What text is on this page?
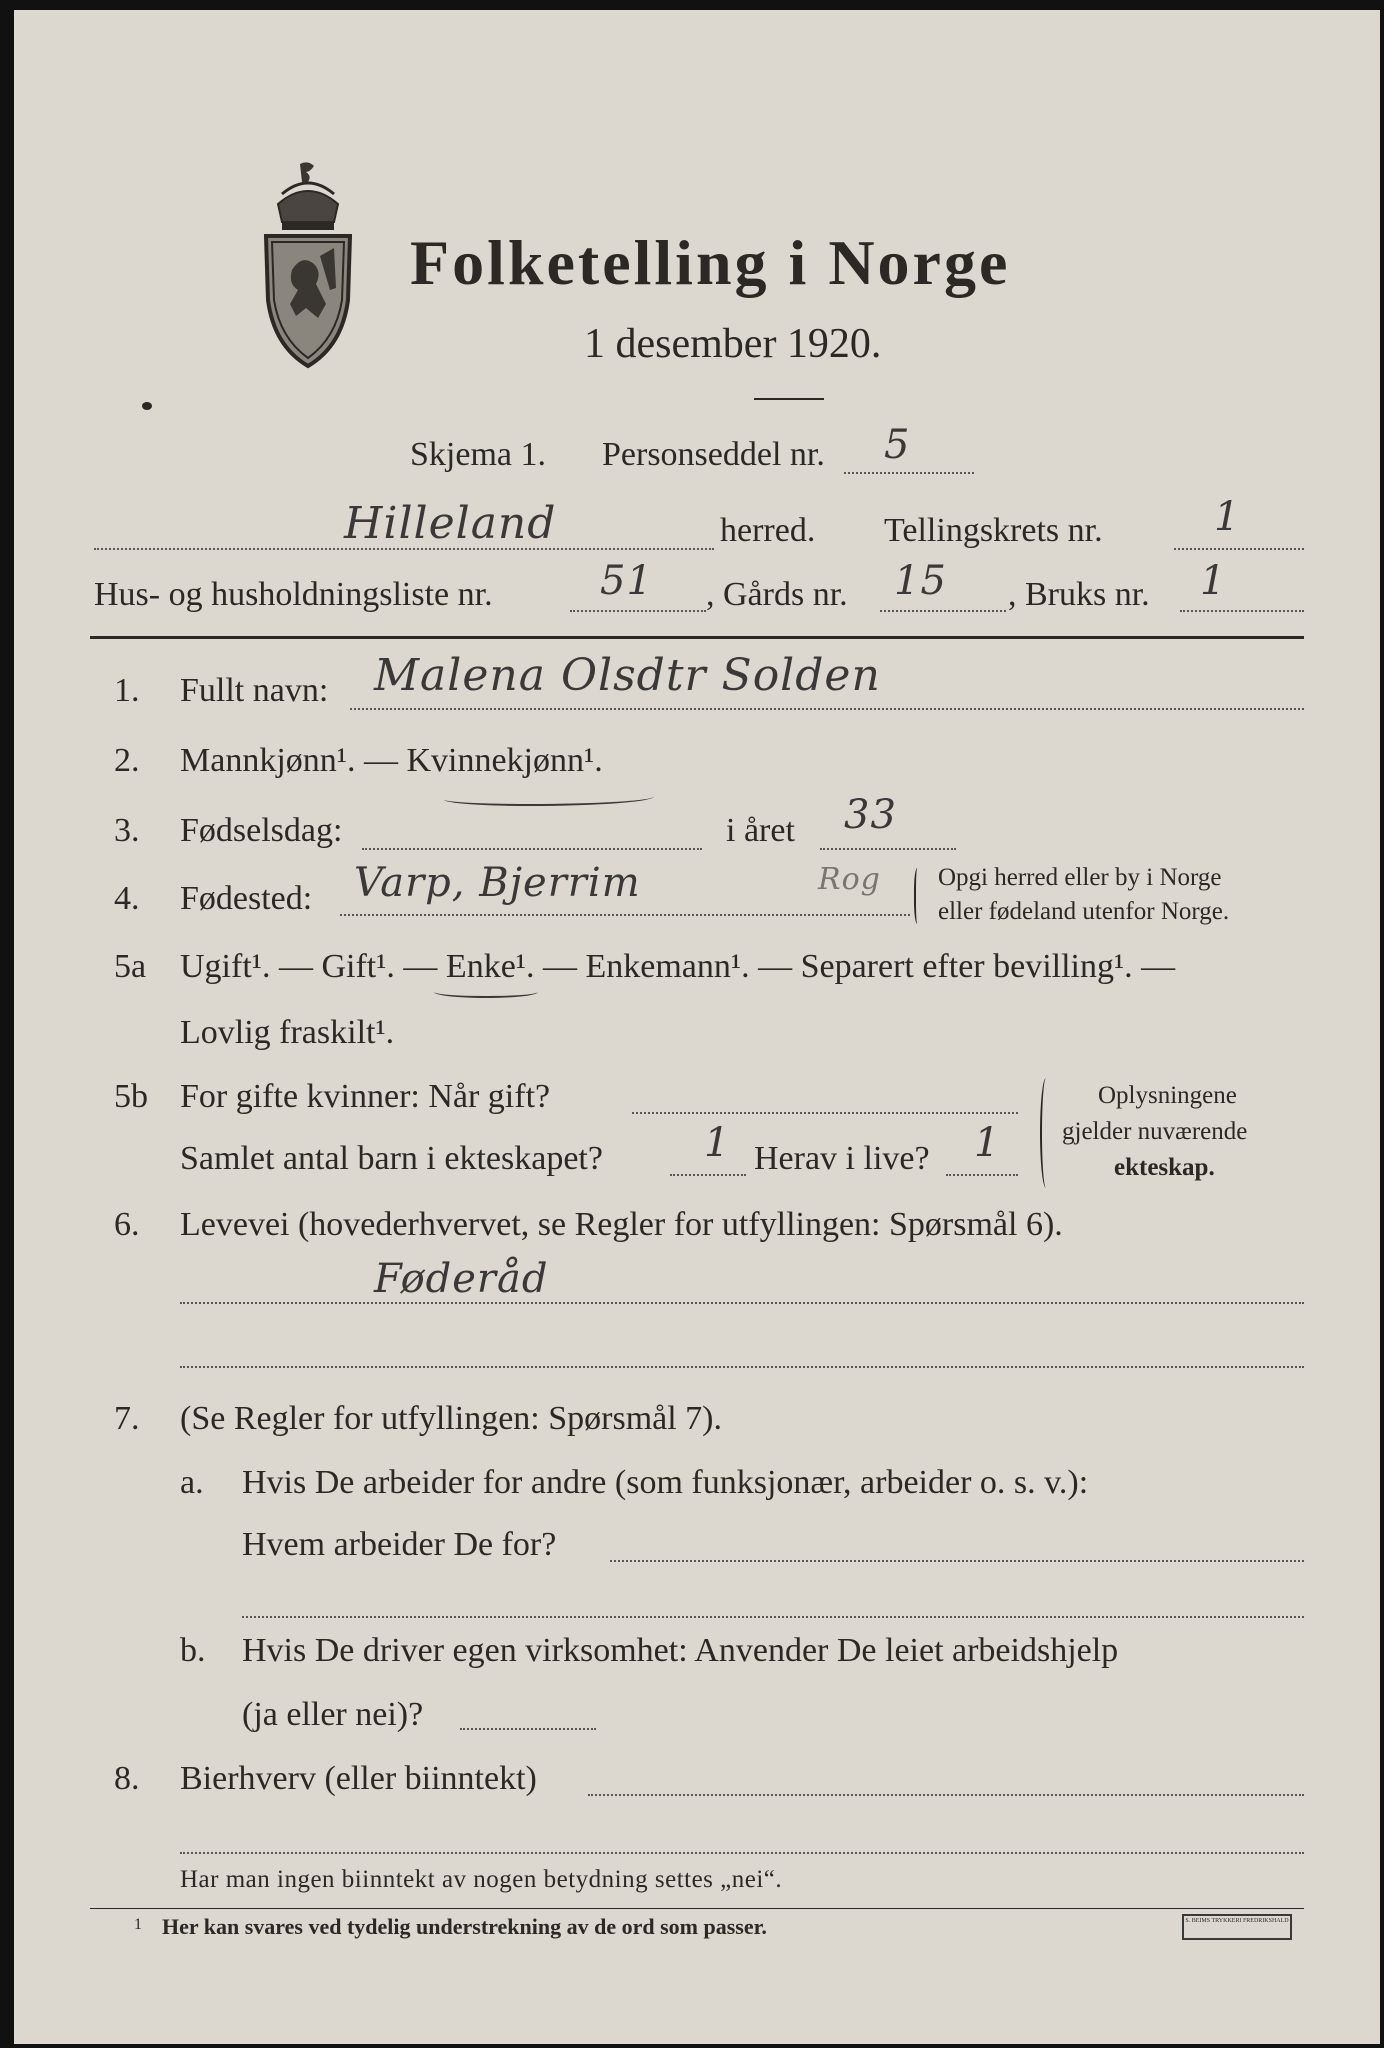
Folketelling i Norge
1 desember 1920.
Skjema 1. Personseddel nr. 5
Hilleland	herred. Tellingskrets nr.	1
Hus- og husholdningsliste nr.	51 , Gårds nr. 15 , Bruks nr. 1
1. Fullt navn: Malena Olsdtr Solden
2. Mannkjønn¹. — Kvinnekjønn¹.
3. Fødselsdag:	i året 33
4. Fødested: Varp, Bjerrim	Rog Opgi herred eller by i Norge
eller fødeland utenfor Norge.
5a Ugift¹. — Gift¹. — Enke¹. — Enkemann¹. — Separert efter bevilling¹. —
Lovlig fraskilt¹.
5b For gifte kvinner: Når gift?
Samlet antal barn i ekteskapet?	1 Herav i live? 1
Oplysningene
gjelder nuværende
ekteskap.
6. Levevei (hovederhvervet, se Regler for utfyllingen: Spørsmål 6).
Føderåd
7. (Se Regler for utfyllingen: Spørsmål 7).
a. Hvis De arbeider for andre (som funksjonær, arbeider o. s. v.):
Hvem arbeider De for?
b. Hvis De driver egen virksomhet: Anvender De leiet arbeidshjelp
(ja eller nei)?
8. Bierhverv (eller biinntekt)
Har man ingen biinntekt av nogen betydning settes „nei“.
1 Her kan svares ved tydelig understrekning av de ord som passer.	S. BEIMS TRYKKERI FREDRIKSHALD
